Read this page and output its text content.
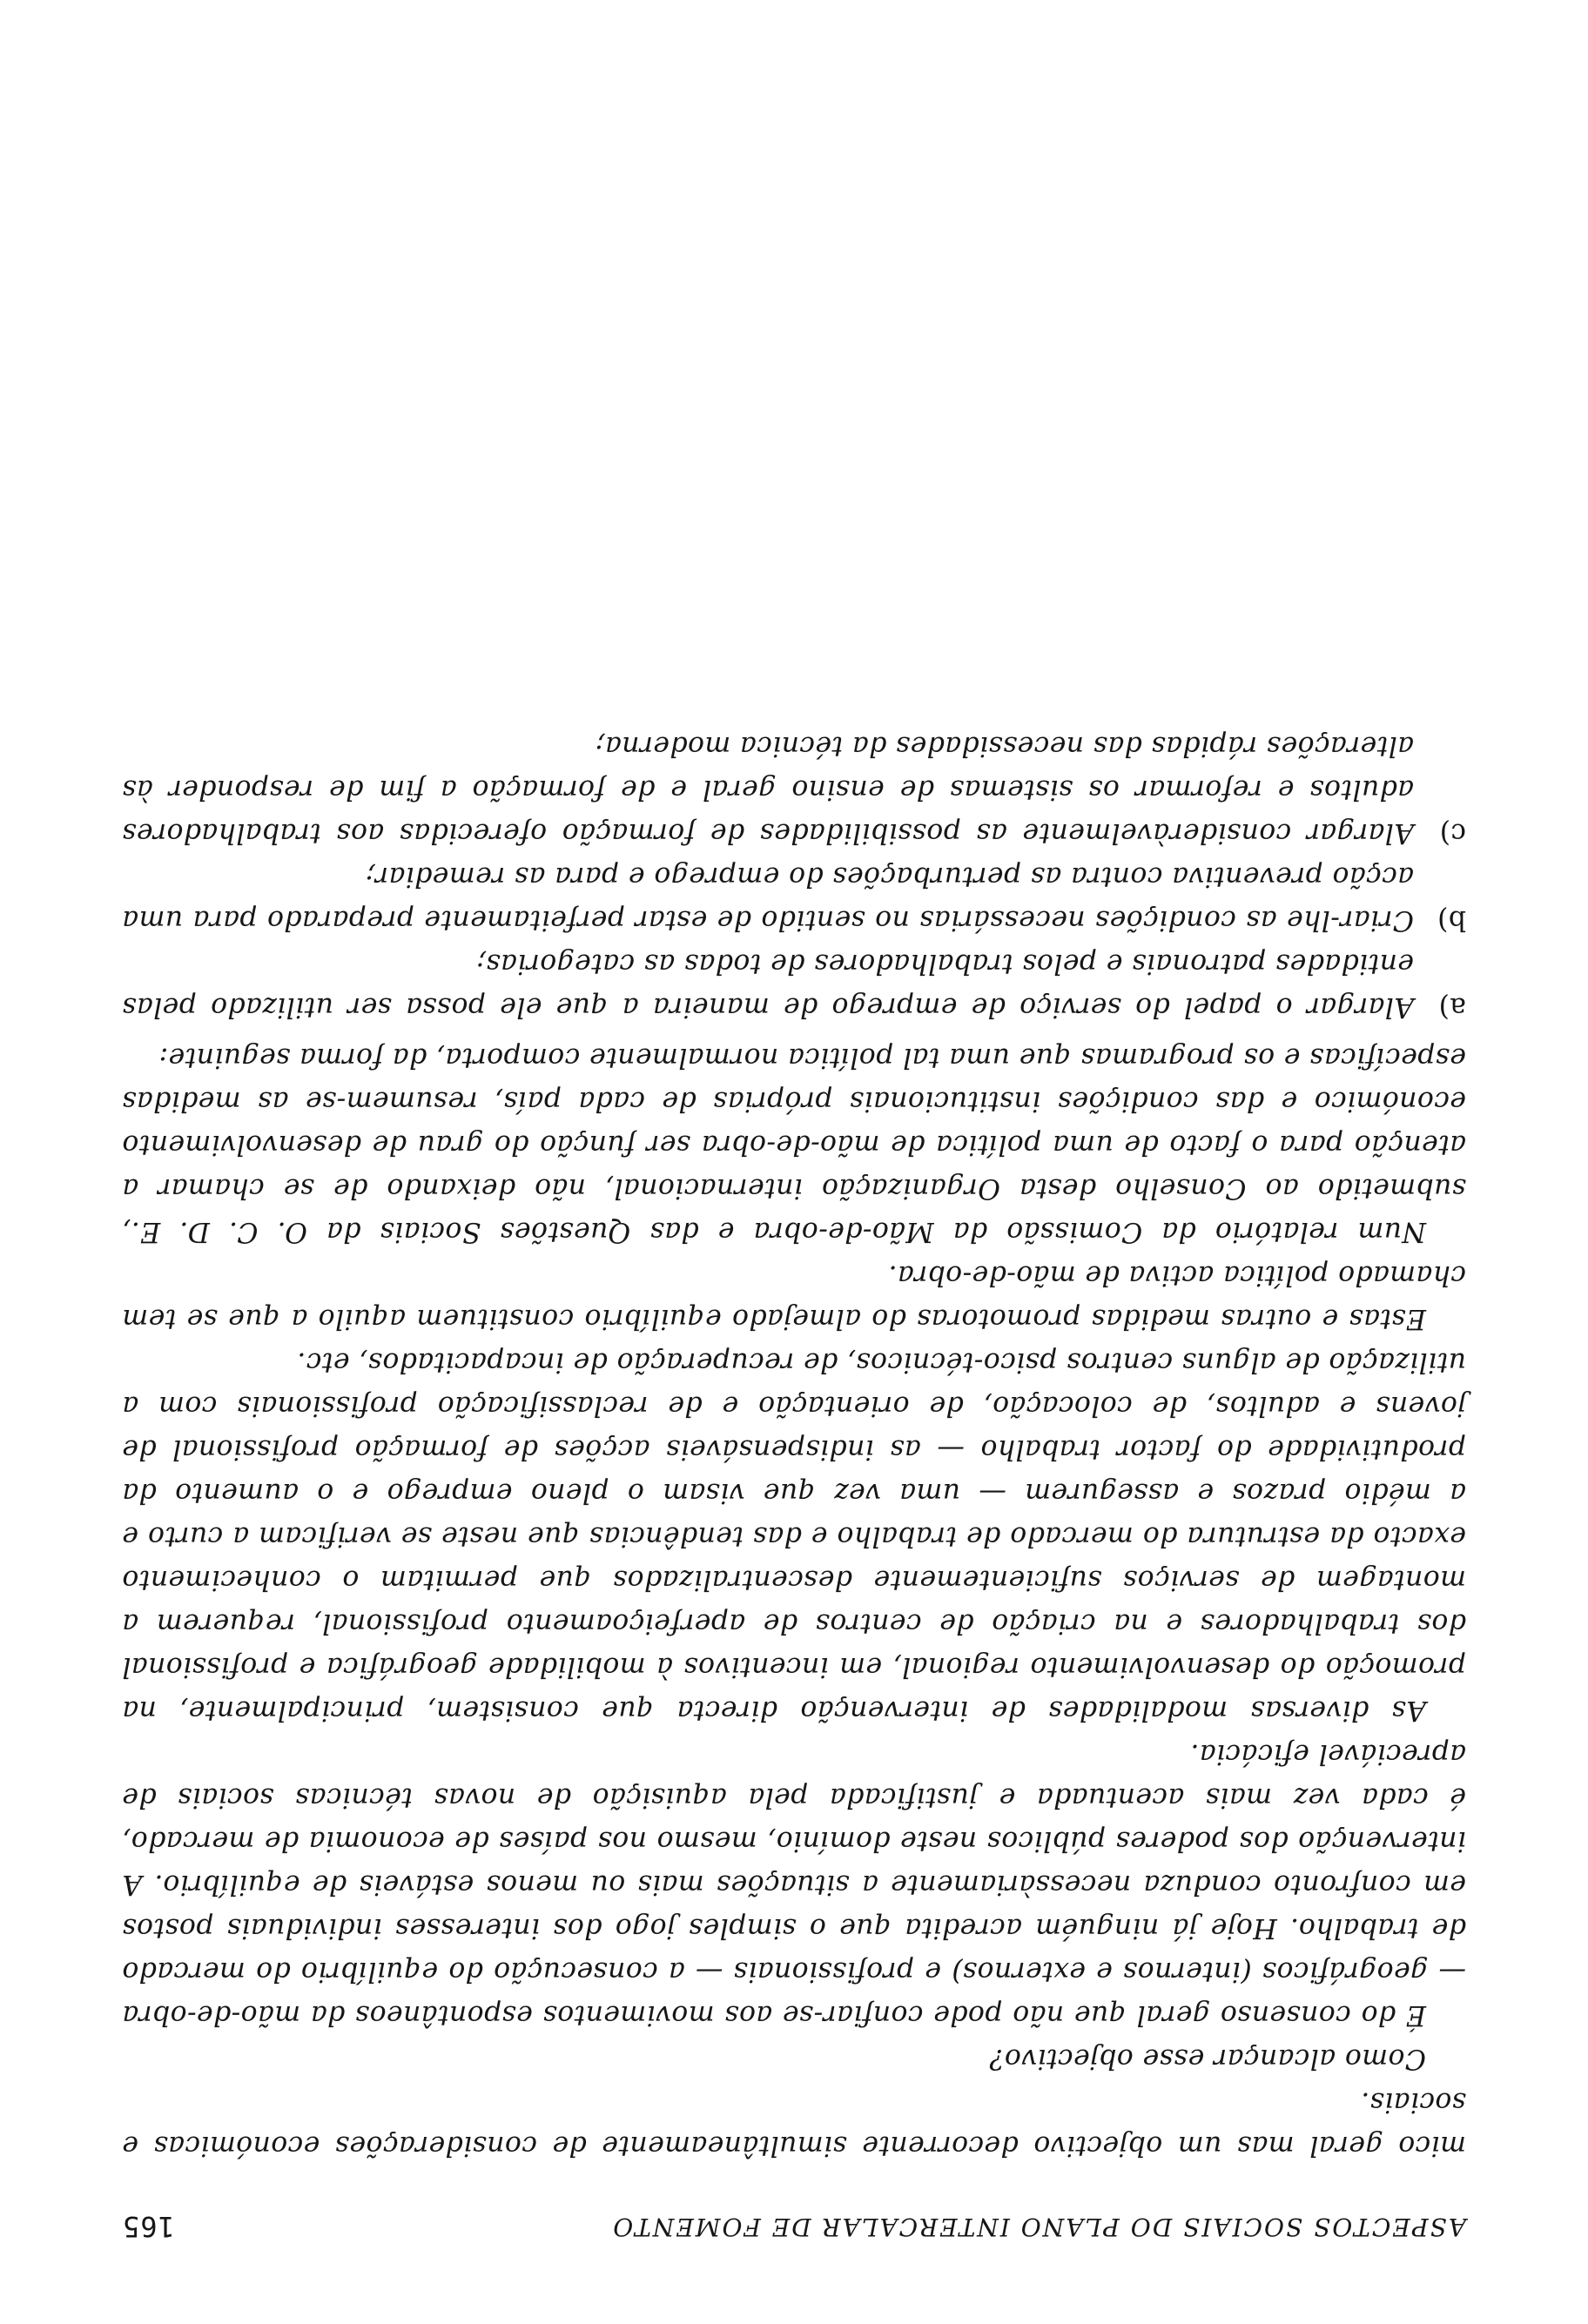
ASPECTOS SOCIAIS DO PLANO INTERCALAR DE FOMENTO
165

mico geral mas um objectivo decorrente simultâneamente de considerações económicas e sociais.

Como alcançar esse objectivo?

É do consenso geral que não pode confiar-se aos movimentos espontâneos da mão-de-obra — geográficos (internos e externos) e profissionais — a consecução do equilíbrio do mercado de trabalho. Hoje já ninguém acredita que o simples jogo dos interesses individuais postos em confronto conduza necessàriamente a situações mais ou menos estáveis de equilíbrio. A intervenção dos poderes públicos neste domínio, mesmo nos países de economia de mercado, é cada vez mais acentuada e justificada pela aquisição de novas técnicas sociais de apreciável eficácia.

As diversas modalidades de intervenção directa que consistem, principalmente, na promoção do desenvolvimento regional, em incentivos à mobilidade geográfica e profissional dos trabalhadores e na criação de centros de aperfeiçoamento profissional, requerem a montagem de serviços suficientemente descentralizados que permitam o conhecimento exacto da estrutura do mercado de trabalho e das tendências que neste se verificam a curto e a médio prazos e assegurem — uma vez que visam o pleno emprego e o aumento da produtividade do factor trabalho — as indispensáveis acções de formação profissional de jovens e adultos, de colocação, de orientação e de reclassificação profissionais com a utilização de alguns centros psico-técnicos, de recuperação de incapacitados, etc.

Estas e outras medidas promotoras do almejado equilíbrio constituem aquilo a que se tem chamado política activa de mão-de-obra.

Num relatório da Comissão da Mão-de-obra e das Questões Sociais da O. C. D. E., submetido ao Conselho desta Organização internacional, não deixando de se chamar a atenção para o facto de uma política de mão-de-obra ser função do grau de desenvolvimento económico e das condições institucionais próprias de cada país, resumem-se as medidas específicas e os programas que uma tal política normalmente comporta, da forma seguinte:

a)
Alargar o papel do serviço de emprego de maneira a que ele possa ser utilizado pelas entidades patronais e pelos trabalhadores de todas as categorias;
b)
Criar-lhe as condições necessárias no sentido de estar perfeitamente preparado para uma acção preventiva contra as perturbações do emprego e para as remediar;
c)
Alargar consideràvelmente as possibilidades de formação oferecidas aos trabalhadores adultos e reformar os sistemas de ensino geral e de formação a fim de responder às alterações rápidas das necessidades da técnica moderna;
